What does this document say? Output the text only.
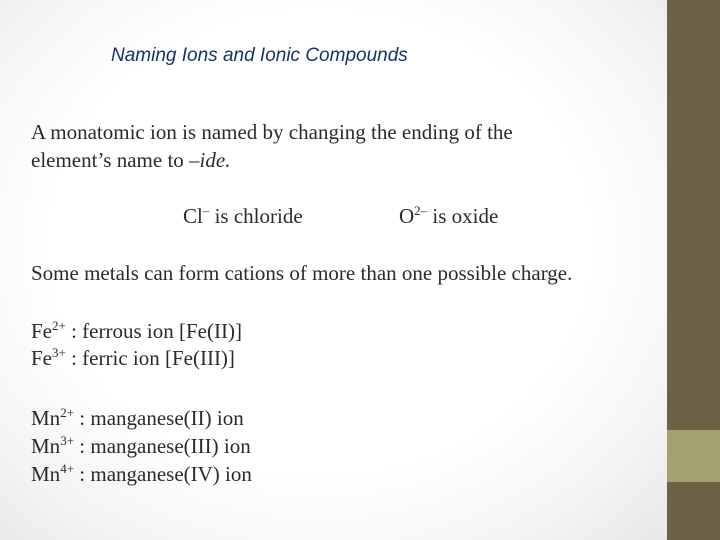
Naming Ions and Ionic Compounds
A monatomic ion is named by changing the ending of the
element’s name to –ide.
Cl– is chloride	$O^{2-}$ is oxide
Some metals can form cations of more than one possible charge.
$Fe^{2+}$ : ferrous ion [Fe(II)]
$Fe^{3+}$ : ferric ion [Fe(III)]
$Mn^{2+}$ : manganese(II) ion
$Mn^{3+}$ : manganese(III) ion
$Mn^{4+}$ : manganese(IV) ion
